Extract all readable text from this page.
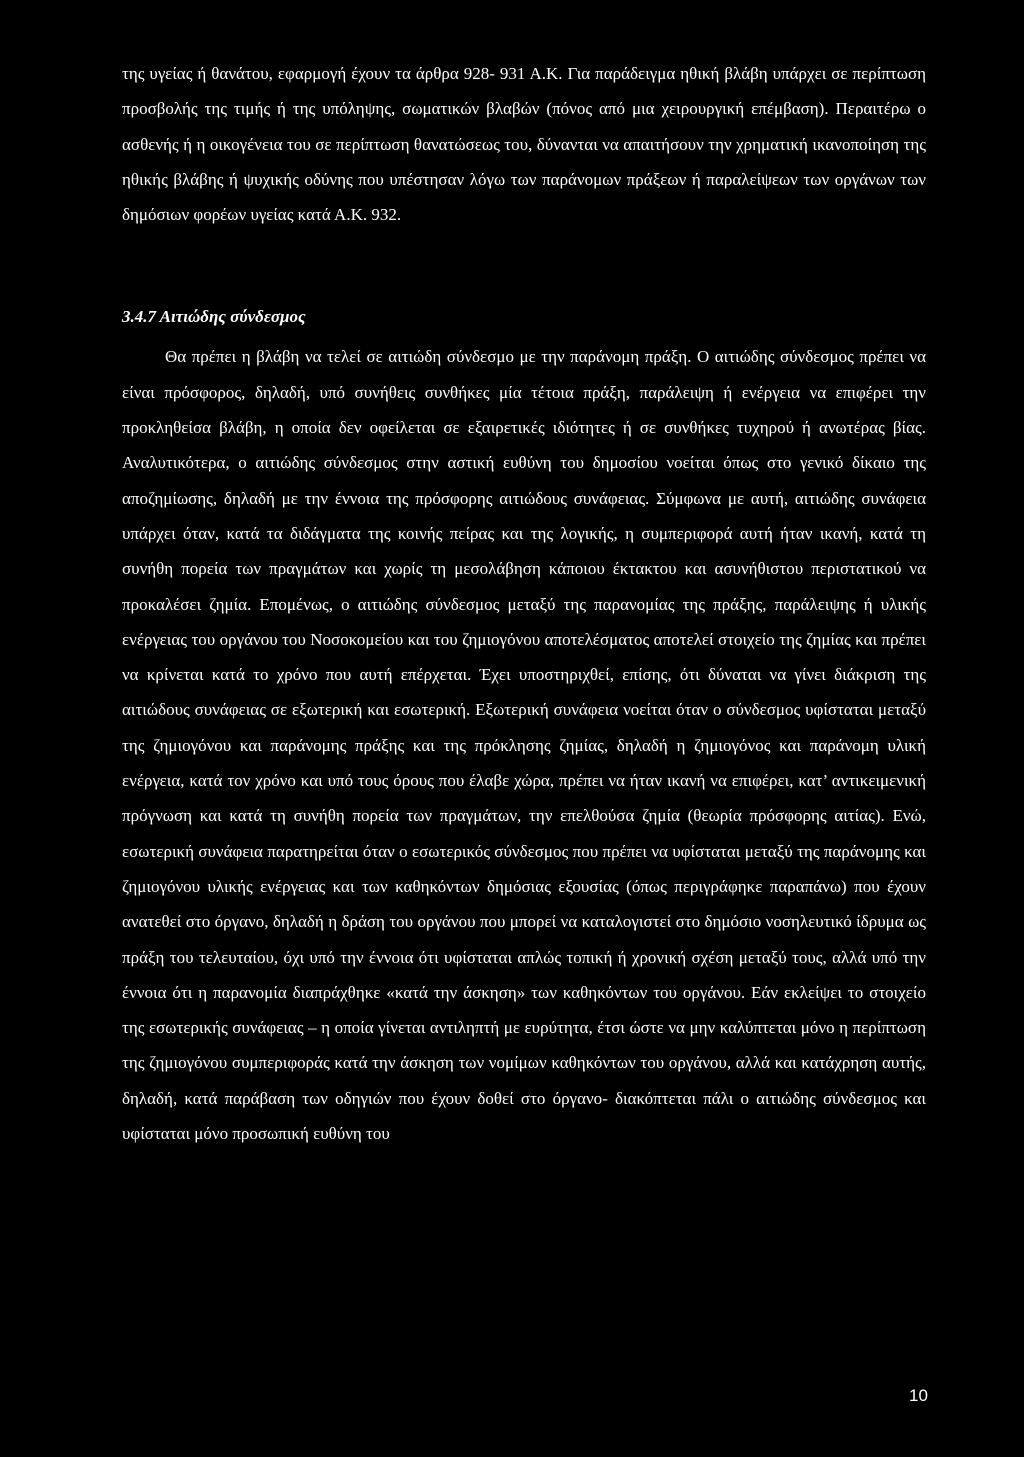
της υγείας ή θανάτου, εφαρμογή έχουν τα άρθρα 928- 931 Α.Κ. Για παράδειγμα ηθική βλάβη υπάρχει σε περίπτωση προσβολής της τιμής ή της υπόληψης, σωματικών βλαβών (πόνος από μια χειρουργική επέμβαση). Περαιτέρω ο ασθενής ή η οικογένεια του σε περίπτωση θανατώσεως του, δύνανται να απαιτήσουν την χρηματική ικανοποίηση της ηθικής βλάβης ή ψυχικής οδύνης που υπέστησαν λόγω των παράνομων πράξεων ή παραλείψεων των οργάνων των δημόσιων φορέων υγείας κατά Α.Κ. 932.

3.4.7 Αιτιώδης σύνδεσμος

Θα πρέπει η βλάβη να τελεί σε αιτιώδη σύνδεσμο με την παράνομη πράξη. Ο αιτιώδης σύνδεσμος πρέπει να είναι πρόσφορος, δηλαδή, υπό συνήθεις συνθήκες μία τέτοια πράξη, παράλειψη ή ενέργεια να επιφέρει την προκληθείσα βλάβη, η οποία δεν οφείλεται σε εξαιρετικές ιδιότητες ή σε συνθήκες τυχηρού ή ανωτέρας βίας. Αναλυτικότερα, ο αιτιώδης σύνδεσμος στην αστική ευθύνη του δημοσίου νοείται όπως στο γενικό δίκαιο της αποζημίωσης, δηλαδή με την έννοια της πρόσφορης αιτιώδους συνάφειας. Σύμφωνα με αυτή, αιτιώδης συνάφεια υπάρχει όταν, κατά τα διδάγματα της κοινής πείρας και της λογικής, η συμπεριφορά αυτή ήταν ικανή, κατά τη συνήθη πορεία των πραγμάτων και χωρίς τη μεσολάβηση κάποιου έκτακτου και ασυνήθιστου περιστατικού να προκαλέσει ζημία. Επομένως, ο αιτιώδης σύνδεσμος μεταξύ της παρανομίας της πράξης, παράλειψης ή υλικής ενέργειας του οργάνου του Νοσοκομείου και του ζημιογόνου αποτελέσματος αποτελεί στοιχείο της ζημίας και πρέπει να κρίνεται κατά το χρόνο που αυτή επέρχεται. Έχει υποστηριχθεί, επίσης, ότι δύναται να γίνει διάκριση της αιτιώδους συνάφειας σε εξωτερική και εσωτερική. Εξωτερική συνάφεια νοείται όταν ο σύνδεσμος υφίσταται μεταξύ της ζημιογόνου και παράνομης πράξης και της πρόκλησης ζημίας, δηλαδή η ζημιογόνος και παράνομη υλική ενέργεια, κατά τον χρόνο και υπό τους όρους που έλαβε χώρα, πρέπει να ήταν ικανή να επιφέρει, κατ’ αντικειμενική πρόγνωση και κατά τη συνήθη πορεία των πραγμάτων, την επελθούσα ζημία (θεωρία πρόσφορης αιτίας). Ενώ, εσωτερική συνάφεια παρατηρείται όταν ο εσωτερικός σύνδεσμος που πρέπει να υφίσταται μεταξύ της παράνομης και ζημιογόνου υλικής ενέργειας και των καθηκόντων δημόσιας εξουσίας (όπως περιγράφηκε παραπάνω) που έχουν ανατεθεί στο όργανο, δηλαδή η δράση του οργάνου που μπορεί να καταλογιστεί στο δημόσιο νοσηλευτικό ίδρυμα ως πράξη του τελευταίου, όχι υπό την έννοια ότι υφίσταται απλώς τοπική ή χρονική σχέση μεταξύ τους, αλλά υπό την έννοια ότι η παρανομία διαπράχθηκε «κατά την άσκηση» των καθηκόντων του οργάνου. Εάν εκλείψει το στοιχείο της εσωτερικής συνάφειας – η οποία γίνεται αντιληπτή με ευρύτητα, έτσι ώστε να μην καλύπτεται μόνο η περίπτωση της ζημιογόνου συμπεριφοράς κατά την άσκηση των νομίμων καθηκόντων του οργάνου, αλλά και κατάχρηση αυτής, δηλαδή, κατά παράβαση των οδηγιών που έχουν δοθεί στο όργανο- διακόπτεται πάλι ο αιτιώδης σύνδεσμος και υφίσταται μόνο προσωπική ευθύνη του

10
